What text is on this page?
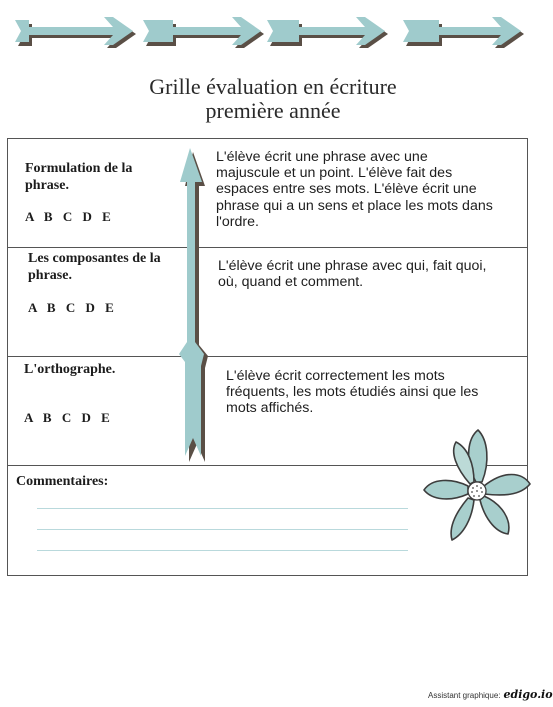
Grille évaluation en écriture
première année
Formulation de la
phrase.
A B C D E
L'élève écrit une phrase avec une
majuscule et un point. L'élève fait des
espaces entre ses mots. L'élève écrit une
phrase qui a un sens et place les mots dans
l'ordre.
Les composantes de la
phrase.
A B C D E
L'élève écrit une phrase avec qui, fait quoi,
où, quand et comment.
L'orthographe.
A B C D E
L'élève écrit correctement les mots
fréquents, les mots étudiés ainsi que les
mots affichés.
Commentaires:
Assistant graphique: edigo.io
